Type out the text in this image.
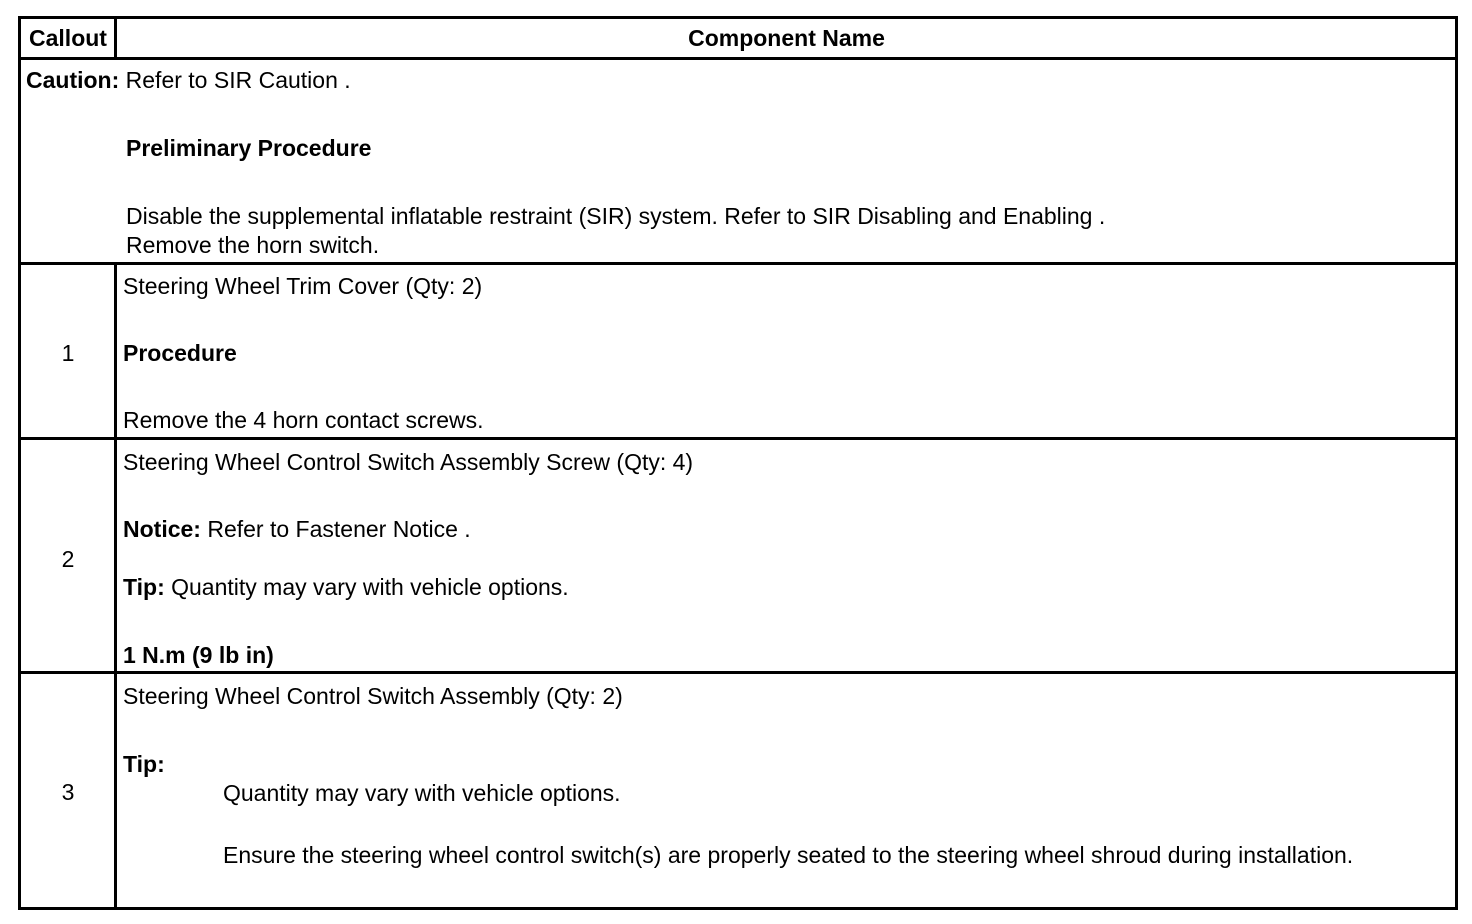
Callout	Component Name
Caution: Refer to SIR Caution .
Preliminary Procedure
Disable the supplemental inflatable restraint (SIR) system. Refer to SIR Disabling and Enabling .
Remove the horn switch.
1
Steering Wheel Trim Cover (Qty: 2)
Procedure
Remove the 4 horn contact screws.
2
Steering Wheel Control Switch Assembly Screw (Qty: 4)
Notice: Refer to Fastener Notice .
Tip: Quantity may vary with vehicle options.
1 N.m (9 lb in)
3
Steering Wheel Control Switch Assembly (Qty: 2)
Tip:
Quantity may vary with vehicle options.
Ensure the steering wheel control switch(s) are properly seated to the steering wheel shroud during installation.
